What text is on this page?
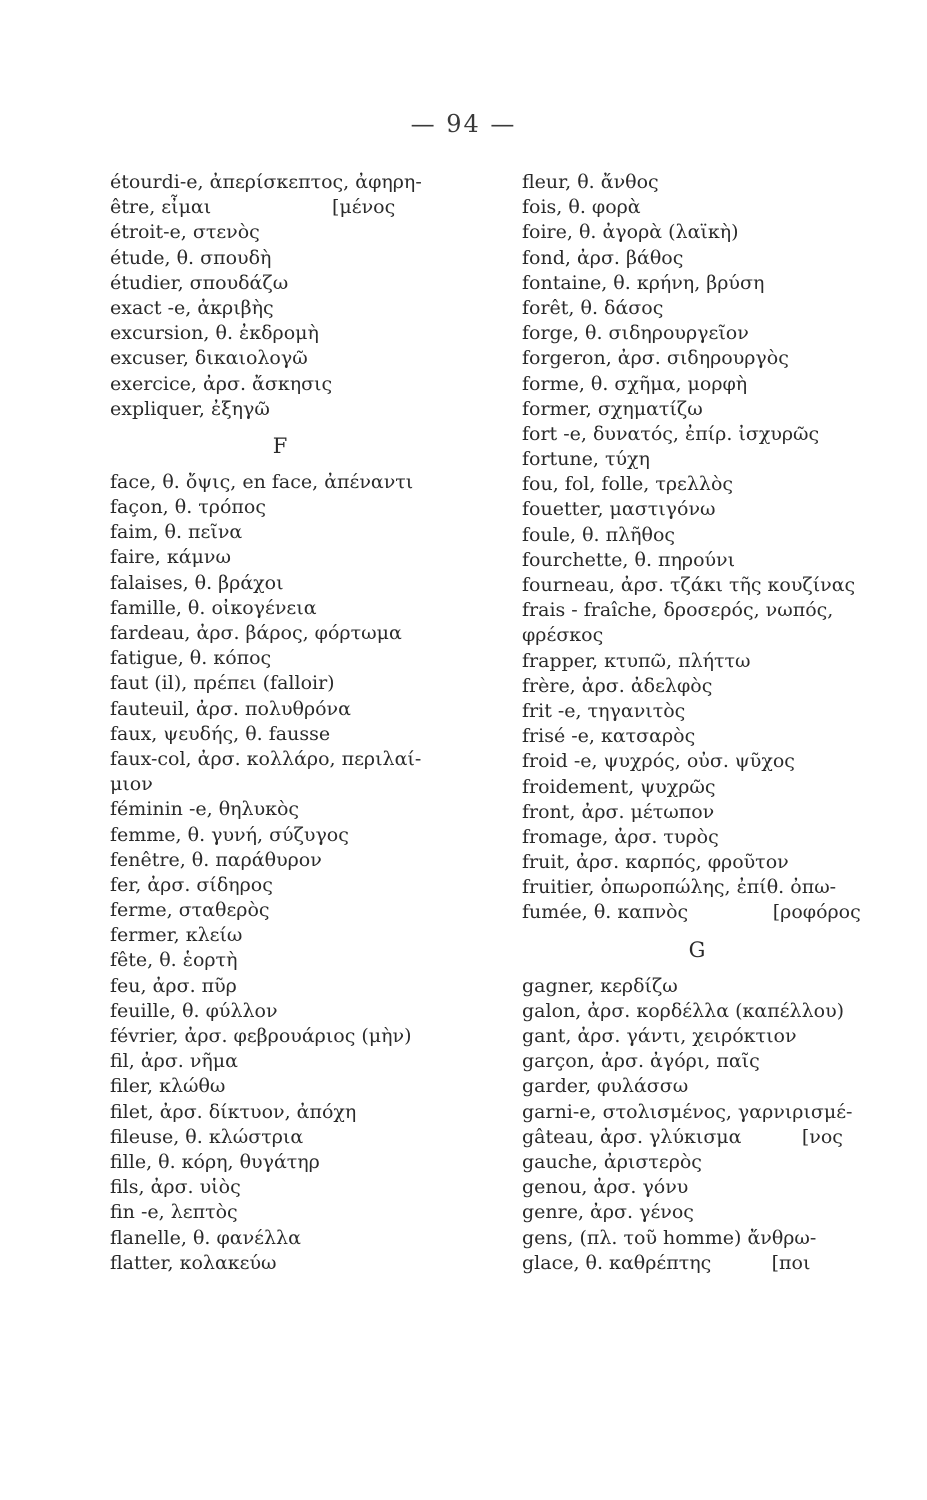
— 94 —
étourdi-e, ἀπερίσκεπτος, ἀφηρη-
être, εἶμαι                    [μένος
étroit-e, στενὸς
étude, θ. σπουδὴ
étudier, σπουδάζω
exact -e, ἀκριβὴς
excursion, θ. ἐκδρομὴ
excuser, δικαιολογῶ
exercice, ἀρσ. ἄσκησις
expliquer, ἐξηγῶ
F
face, θ. ὄψις, en face, ἀπέναντι
façon, θ. τρόπος
faim, θ. πεῖνα
faire, κάμνω
falaises, θ. βράχοι
famille, θ. οἰκογένεια
fardeau, ἀρσ. βάρος, φόρτωμα
fatigue, θ. κόπος
faut (il), πρέπει (falloir)
fauteuil, ἀρσ. πολυθρόνα
faux, ψευδής, θ. fausse
faux-col, ἀρσ. κολλάρο, περιλαί-
μιον
féminin -e, θηλυκὸς
femme, θ. γυνή, σύζυγος
fenêtre, θ. παράθυρον
fer, ἀρσ. σίδηρος
ferme, σταθερὸς
fermer, κλείω
fête, θ. ἑορτὴ
feu, ἀρσ. πῦρ
feuille, θ. φύλλον
février, ἀρσ. φεβρουάριος (μὴν)
fil, ἀρσ. νῆμα
filer, κλώθω
filet, ἀρσ. δίκτυον, ἀπόχη
fileuse, θ. κλώστρια
fille, θ. κόρη, θυγάτηρ
fils, ἀρσ. υἱὸς
fin -e, λεπτὸς
flanelle, θ. φανέλλα
flatter, κολακεύω
fleur, θ. ἄνθος
fois, θ. φορὰ
foire, θ. ἀγορὰ (λαϊκὴ)
fond, ἀρσ. βάθος
fontaine, θ. κρήνη, βρύση
forêt, θ. δάσος
forge, θ. σιδηρουργεῖον
forgeron, ἀρσ. σιδηρουργὸς
forme, θ. σχῆμα, μορφὴ
former, σχηματίζω
fort -e, δυνατός, ἐπίρ. ἰσχυρῶς
fortune, τύχη
fou, fol, folle, τρελλὸς
fouetter, μαστιγόνω
foule, θ. πλῆθος
fourchette, θ. πηρούνι
fourneau, ἀρσ. τζάκι τῆς κουζίνας
frais - fraîche, δροσερός, νωπός,
φρέσκος
frapper, κτυπῶ, πλήττω
frère, ἀρσ. ἀδελφὸς
frit -e, τηγανιτὸς
frisé -e, κατσαρὸς
froid -e, ψυχρός, οὐσ. ψῦχος
froidement, ψυχρῶς
front, ἀρσ. μέτωπον
fromage, ἀρσ. τυρὸς
fruit, ἀρσ. καρπός, φροῦτον
fruitier, ὀπωροπώλης, ἐπίθ. ὀπω-
fumée, θ. καπνὸς              [ροφόρος
G
gagner, κερδίζω
galon, ἀρσ. κορδέλλα (καπέλλου)
gant, ἀρσ. γάντι, χειρόκτιον
garçon, ἀρσ. ἀγόρι, παῖς
garder, φυλάσσω
garni-e, στολισμένος, γαρνιρισμέ-
gâteau, ἀρσ. γλύκισμα          [νος
gauche, ἀριστερὸς
genou, ἀρσ. γόνυ
genre, ἀρσ. γένος
gens, (πλ. τοῦ homme) ἄνθρω-
glace, θ. καθρέπτης          [ποι
